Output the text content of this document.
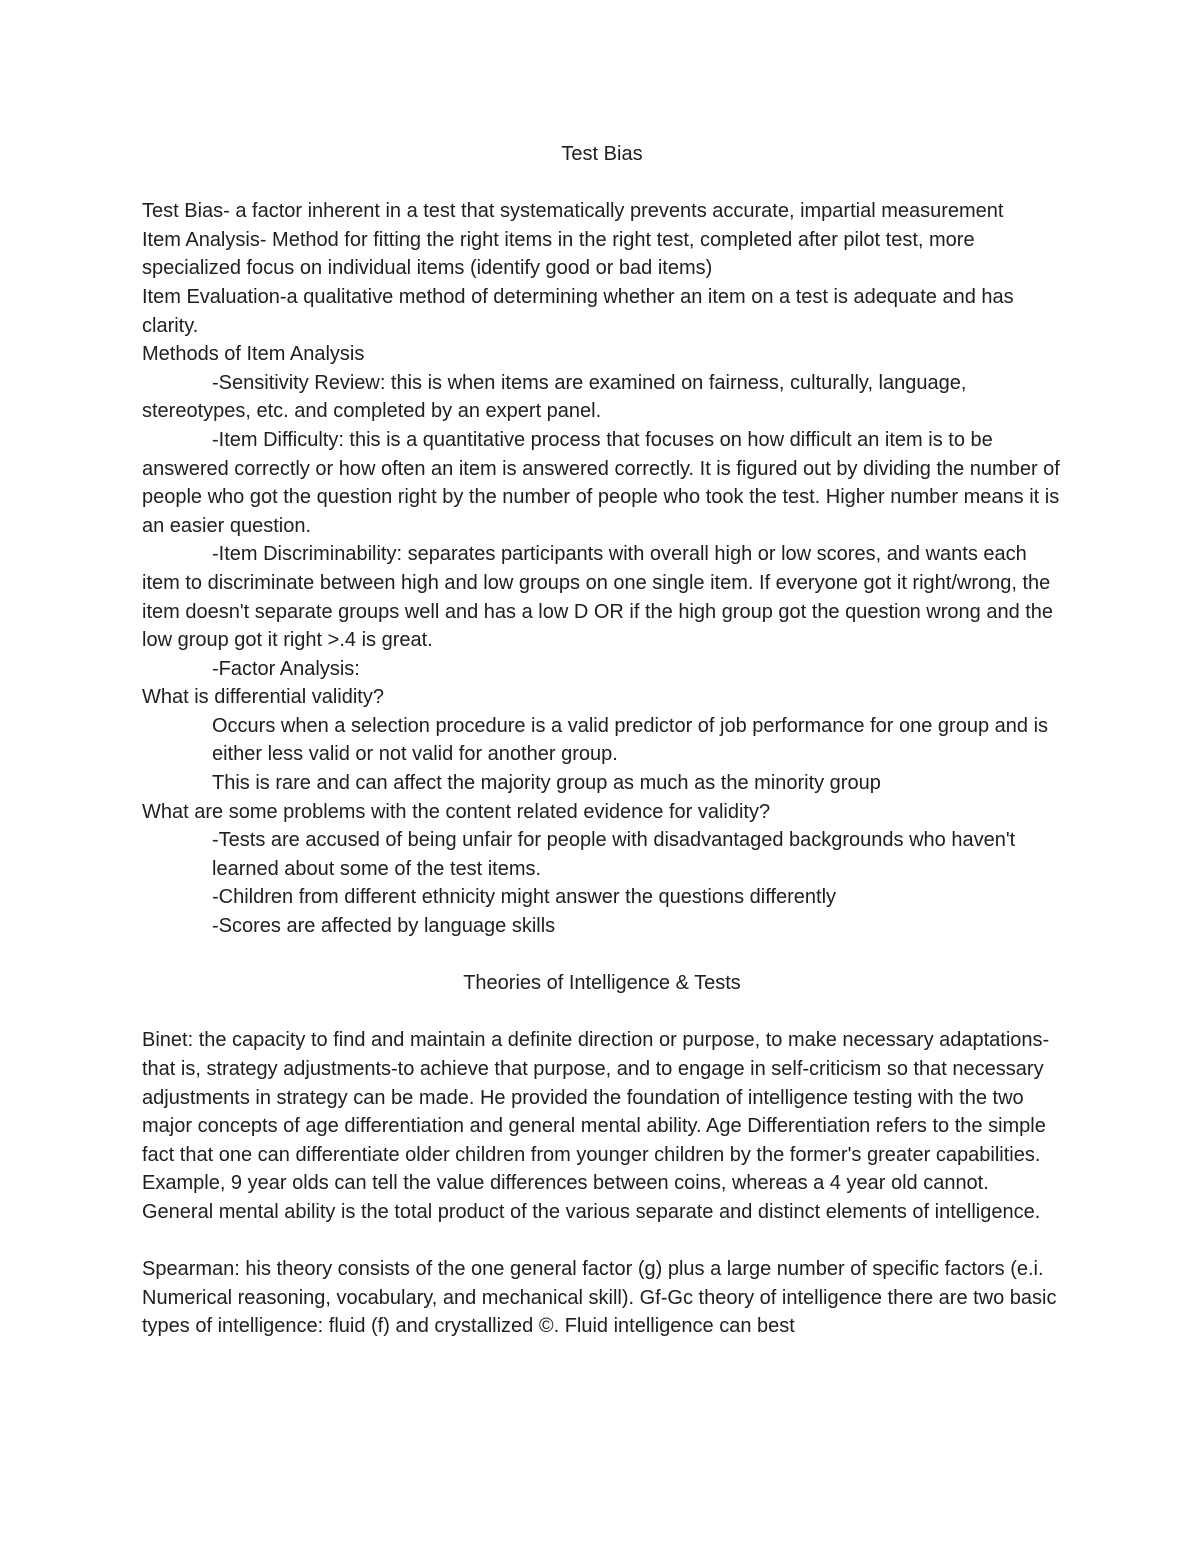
Test Bias

Test Bias- a factor inherent in a test that systematically prevents accurate, impartial measurement

Item Analysis- Method for fitting the right items in the right test, completed after pilot test, more specialized focus on individual items (identify good or bad items)

Item Evaluation-a qualitative method of determining whether an item on a test is adequate and has clarity.

Methods of Item Analysis

-Sensitivity Review: this is when items are examined on fairness, culturally, language, stereotypes, etc. and completed by an expert panel.

-Item Difficulty: this is a quantitative process that focuses on how difficult an item is to be answered correctly or how often an item is answered correctly. It is figured out by dividing the number of people who got the question right by the number of people who took the test. Higher number means it is an easier question.

-Item Discriminability: separates participants with overall high or low scores, and wants each item to discriminate between high and low groups on one single item. If everyone got it right/wrong, the item doesn't separate groups well and has a low D OR if the high group got the question wrong and the low group got it right >.4 is great.

-Factor Analysis:

What is differential validity?

Occurs when a selection procedure is a valid predictor of job performance for one group and is either less valid or not valid for another group.

This is rare and can affect the majority group as much as the minority group

What are some problems with the content related evidence for validity?

-Tests are accused of being unfair for people with disadvantaged backgrounds who haven't learned about some of the test items.

-Children from different ethnicity might answer the questions differently

-Scores are affected by language skills

Theories of Intelligence & Tests

Binet: the capacity to find and maintain a definite direction or purpose, to make necessary adaptations-that is, strategy adjustments-to achieve that purpose, and to engage in self-criticism so that necessary adjustments in strategy can be made. He provided the foundation of intelligence testing with the two major concepts of age differentiation and general mental ability. Age Differentiation refers to the simple fact that one can differentiate older children from younger children by the former's greater capabilities. Example, 9 year olds can tell the value differences between coins, whereas a 4 year old cannot. General mental ability is the total product of the various separate and distinct elements of intelligence.

Spearman: his theory consists of the one general factor (g) plus a large number of specific factors (e.i. Numerical reasoning, vocabulary, and mechanical skill). Gf-Gc theory of intelligence there are two basic types of intelligence: fluid (f) and crystallized ©. Fluid intelligence can best
